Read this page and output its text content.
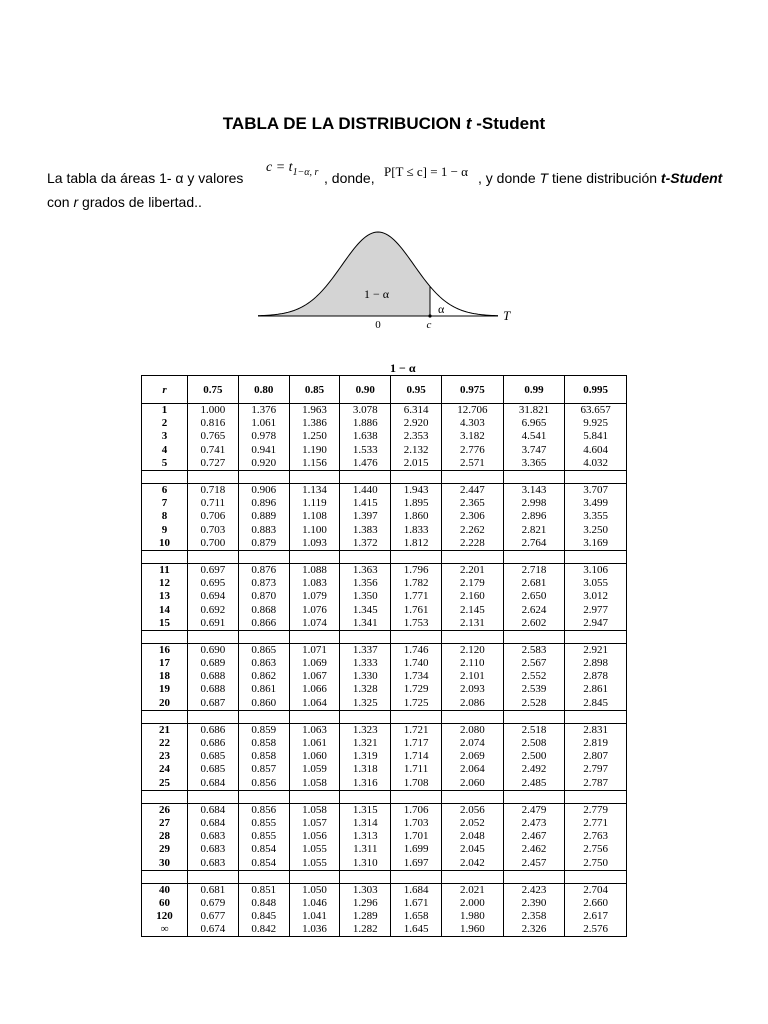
TABLA DE LA DISTRIBUCION t -Student
La tabla da áreas 1- α y valores
$c = t_{1-\alpha, r}$ , donde, P[T ≤ c] = 1 − α , y donde T tiene distribución t-Student
con r grados de libertad..
1 − α
α
0	c
T
1 − α
r	0.75	0.80	0.85	0.90	0.95	0.975	0.99	0.995
1	1.000	1.376	1.963	3.078	6.314	12.706	31.821	63.657
2	0.816	1.061	1.386	1.886	2.920	4.303	6.965	9.925
3	0.765	0.978	1.250	1.638	2.353	3.182	4.541	5.841
4	0.741	0.941	1.190	1.533	2.132	2.776	3.747	4.604
5	0.727	0.920	1.156	1.476	2.015	2.571	3.365	4.032

6	0.718	0.906	1.134	1.440	1.943	2.447	3.143	3.707
7	0.711	0.896	1.119	1.415	1.895	2.365	2.998	3.499
8	0.706	0.889	1.108	1.397	1.860	2.306	2.896	3.355
9	0.703	0.883	1.100	1.383	1.833	2.262	2.821	3.250
10	0.700	0.879	1.093	1.372	1.812	2.228	2.764	3.169

11	0.697	0.876	1.088	1.363	1.796	2.201	2.718	3.106
12	0.695	0.873	1.083	1.356	1.782	2.179	2.681	3.055
13	0.694	0.870	1.079	1.350	1.771	2.160	2.650	3.012
14	0.692	0.868	1.076	1.345	1.761	2.145	2.624	2.977
15	0.691	0.866	1.074	1.341	1.753	2.131	2.602	2.947

16	0.690	0.865	1.071	1.337	1.746	2.120	2.583	2.921
17	0.689	0.863	1.069	1.333	1.740	2.110	2.567	2.898
18	0.688	0.862	1.067	1.330	1.734	2.101	2.552	2.878
19	0.688	0.861	1.066	1.328	1.729	2.093	2.539	2.861
20	0.687	0.860	1.064	1.325	1.725	2.086	2.528	2.845

21	0.686	0.859	1.063	1.323	1.721	2.080	2.518	2.831
22	0.686	0.858	1.061	1.321	1.717	2.074	2.508	2.819
23	0.685	0.858	1.060	1.319	1.714	2.069	2.500	2.807
24	0.685	0.857	1.059	1.318	1.711	2.064	2.492	2.797
25	0.684	0.856	1.058	1.316	1.708	2.060	2.485	2.787

26	0.684	0.856	1.058	1.315	1.706	2.056	2.479	2.779
27	0.684	0.855	1.057	1.314	1.703	2.052	2.473	2.771
28	0.683	0.855	1.056	1.313	1.701	2.048	2.467	2.763
29	0.683	0.854	1.055	1.311	1.699	2.045	2.462	2.756
30	0.683	0.854	1.055	1.310	1.697	2.042	2.457	2.750

40	0.681	0.851	1.050	1.303	1.684	2.021	2.423	2.704
60	0.679	0.848	1.046	1.296	1.671	2.000	2.390	2.660
120	0.677	0.845	1.041	1.289	1.658	1.980	2.358	2.617
∞	0.674	0.842	1.036	1.282	1.645	1.960	2.326	2.576
